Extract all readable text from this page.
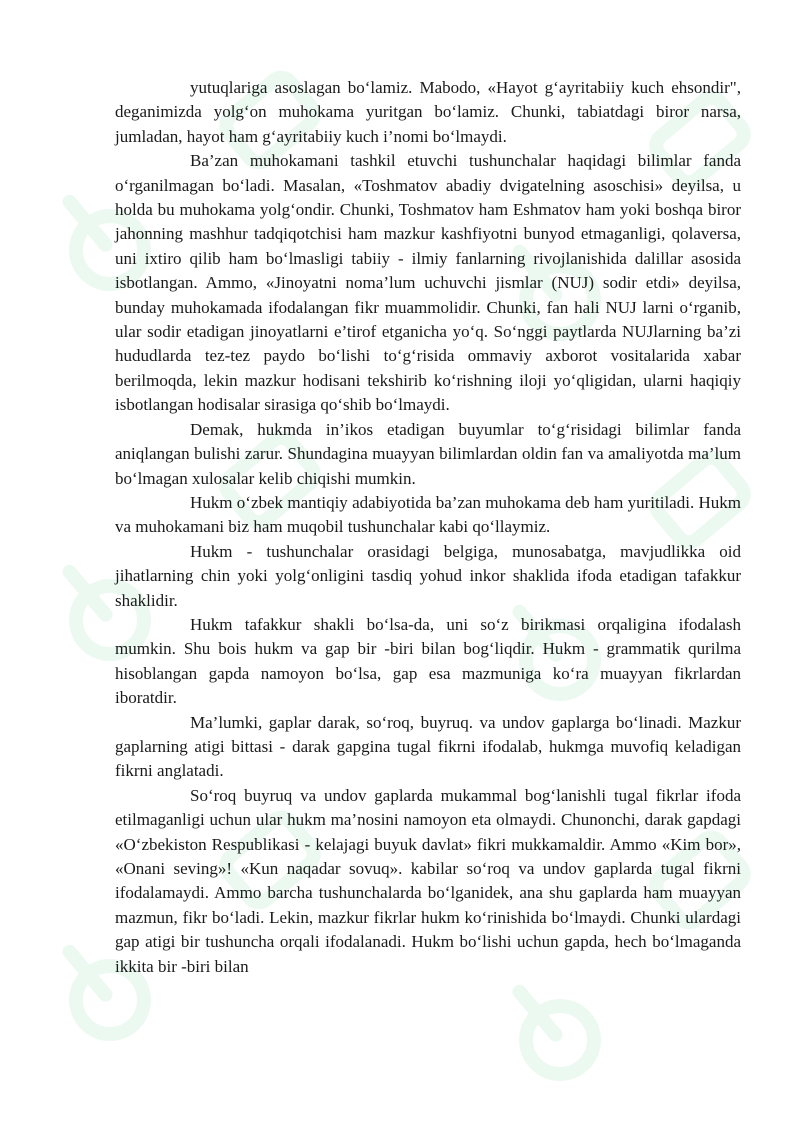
yutuqlariga asoslagan bo‘lamiz. Mabodo, «Hayot g‘ayritabiiy kuch ehsondir", deganimizda yolg‘on muhokama yuritgan bo‘lamiz. Chunki, tabiatdagi biror narsa, jumladan, hayot ham g‘ayritabiiy kuch i’nomi bo‘lmaydi.

Ba’zan muhokamani tashkil etuvchi tushunchalar haqidagi bilimlar fanda o‘rganilmagan bo‘ladi. Masalan, «Toshmatov abadiy dvigatelning asoschisi» deyilsa, u holda bu muhokama yolg‘ondir. Chunki, Toshmatov ham Eshmatov ham yoki boshqa biror jahonning mashhur tadqiqotchisi ham mazkur kashfiyotni bunyod etmaganligi, qolaversa, uni ixtiro qilib ham bo‘lmasligi tabiiy - ilmiy fanlarning rivojlanishida dalillar asosida isbotlangan. Ammo, «Jinoyatni noma’lum uchuvchi jismlar (NUJ) sodir etdi» deyilsa, bunday muhokamada ifodalangan fikr muammolidir. Chunki, fan hali NUJ larni o‘rganib, ular sodir etadigan jinoyatlarni e’tirof etganicha yo‘q. So‘nggi paytlarda NUJlarning ba’zi hududlarda tez-tez paydo bo‘lishi to‘g‘risida ommaviy axborot vositalarida xabar berilmoqda, lekin mazkur hodisani tekshirib ko‘rishning iloji yo‘qligidan, ularni haqiqiy isbotlangan hodisalar sirasiga qo‘shib bo‘lmaydi.

Demak, hukmda in’ikos etadigan buyumlar to‘g‘risidagi bilimlar fanda aniqlangan bulishi zarur. Shundagina muayyan bilimlardan oldin fan va amaliyotda ma’lum bo‘lmagan xulosalar kelib chiqishi mumkin.

Hukm o‘zbek mantiqiy adabiyotida ba’zan muhokama deb ham yuritiladi. Hukm va muhokamani biz ham muqobil tushunchalar kabi qo‘llaymiz.

Hukm - tushunchalar orasidagi belgiga, munosabatga, mavjudlikka oid jihatlarning chin yoki yolg‘onligini tasdiq yohud inkor shaklida ifoda etadigan tafakkur shaklidir.

Hukm tafakkur shakli bo‘lsa-da, uni so‘z birikmasi orqaligina ifodalash mumkin. Shu bois hukm va gap bir -biri bilan bog‘liqdir. Hukm - grammatik qurilma hisoblangan gapda namoyon bo‘lsa, gap esa mazmuniga ko‘ra muayyan fikrlardan iboratdir.

Ma’lumki, gaplar darak, so‘roq, buyruq. va undov gaplarga bo‘linadi. Mazkur gaplarning atigi bittasi - darak gapgina tugal fikrni ifodalab, hukmga muvofiq keladigan fikrni anglatadi.

So‘roq buyruq va undov gaplarda mukammal bog‘lanishli tugal fikrlar ifoda etilmaganligi uchun ular hukm ma’nosini namoyon eta olmaydi. Chunonchi, darak gapdagi «O‘zbekiston Respublikasi - kelajagi buyuk davlat» fikri mukkamaldir. Ammo «Kim bor», «Onani seving»! «Kun naqadar sovuq». kabilar so‘roq va undov gaplarda tugal fikrni ifodalamaydi. Ammo barcha tushunchalarda bo‘lganidek, ana shu gaplarda ham muayyan mazmun, fikr bo‘ladi. Lekin, mazkur fikrlar hukm ko‘rinishida bo‘lmaydi. Chunki ulardagi gap atigi bir tushuncha orqali ifodalanadi. Hukm bo‘lishi uchun gapda, hech bo‘lmaganda ikkita bir -biri bilan
